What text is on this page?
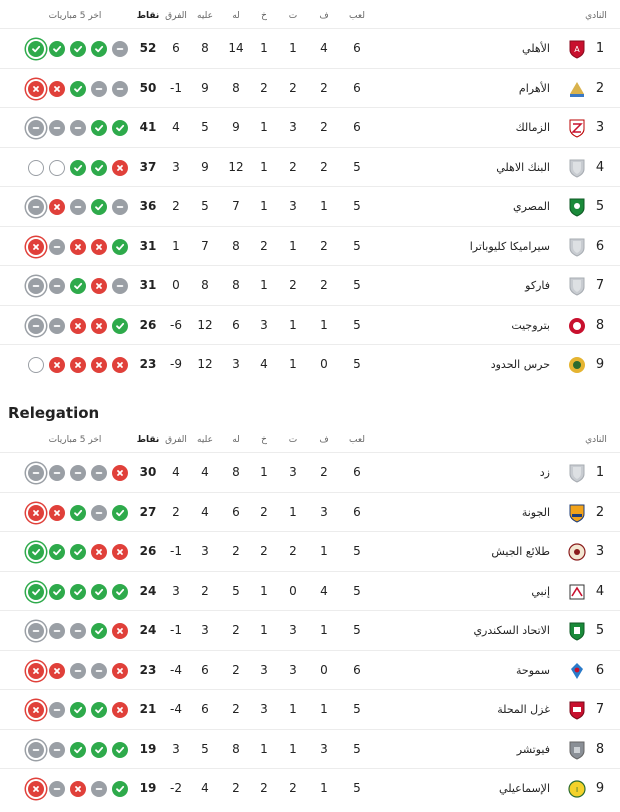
النادي
لعب
ف
ت
خ
له
عليه
الفرق
نقاط
اخر 5 مباريات
1
A
الأهلي
6
4
1
1
14
8
6
52
2
الأهرام
6
2
2
2
8
9
-1
50
3
الزمالك
6
2
3
1
9
5
4
41
4
البنك الاهلي
5
2
2
1
12
9
3
37
5
المصري
5
1
3
1
7
5
2
36
6
سيراميكا كليوباترا
5
2
1
2
8
7
1
31
7
فاركو
5
2
2
1
8
8
0
31
8
بتروجيت
5
1
1
3
6
12
-6
26
9
حرس الحدود
5
0
1
4
3
12
-9
23
Relegation
النادي
لعب
ف
ت
خ
له
عليه
الفرق
نقاط
اخر 5 مباريات
1
زد
6
2
3
1
8
4
4
30
2
الجونة
6
3
1
2
6
4
2
27
3
طلائع الجيش
5
1
2
2
2
3
-1
26
4
إنبي
5
4
0
1
5
2
3
24
5
الاتحاد السكندري
5
1
3
1
2
3
-1
24
6
سموحة
6
0
3
3
2
6
-4
23
7
غزل المحلة
5
1
1
3
2
6
-4
21
8
فيوتشر
5
3
1
1
8
5
3
19
9
I
الإسماعيلي
5
1
2
2
2
4
-2
19
